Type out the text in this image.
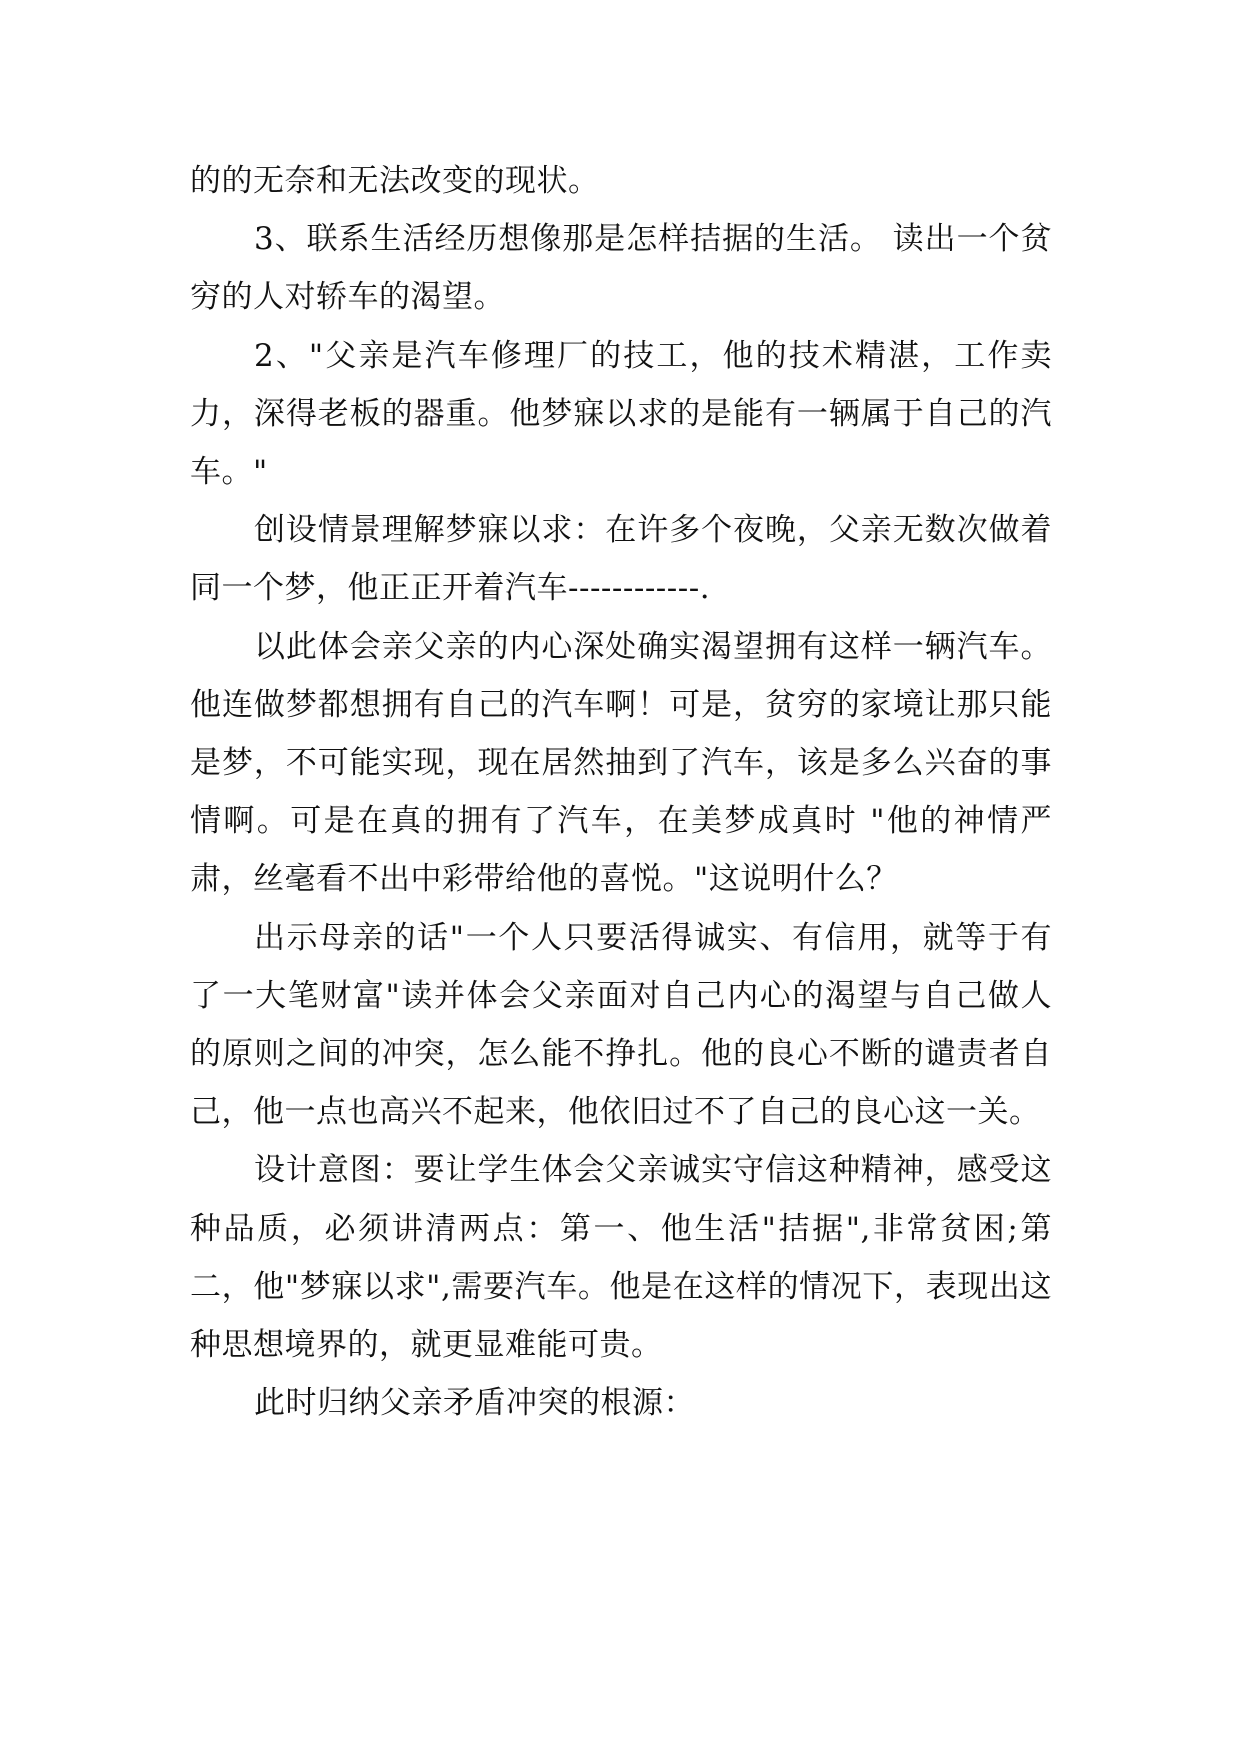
的的无奈和无法改变的现状。

3、联系生活经历想像那是怎样拮据的生活。 读出一个贫穷的人对轿车的渴望。

2、"父亲是汽车修理厂的技工，他的技术精湛，工作卖力，深得老板的器重。他梦寐以求的是能有一辆属于自己的汽车。"

创设情景理解梦寐以求：在许多个夜晚，父亲无数次做着同一个梦，他正正开着汽车------------.

以此体会亲父亲的内心深处确实渴望拥有这样一辆汽车。 他连做梦都想拥有自己的汽车啊！可是，贫穷的家境让那只能是梦，不可能实现，现在居然抽到了汽车，该是多么兴奋的事情啊。可是在真的拥有了汽车，在美梦成真时 "他的神情严肃，丝毫看不出中彩带给他的喜悦。"这说明什么？

出示母亲的话"一个人只要活得诚实、有信用，就等于有了一大笔财富"读并体会父亲面对自己内心的渴望与自己做人的原则之间的冲突，怎么能不挣扎。他的良心不断的谴责者自己，他一点也高兴不起来，他依旧过不了自己的良心这一关。

设计意图：要让学生体会父亲诚实守信这种精神，感受这种品质，必须讲清两点：第一、他生活"拮据",非常贫困;第二，他"梦寐以求",需要汽车。他是在这样的情况下，表现出这种思想境界的，就更显难能可贵。

此时归纳父亲矛盾冲突的根源：
